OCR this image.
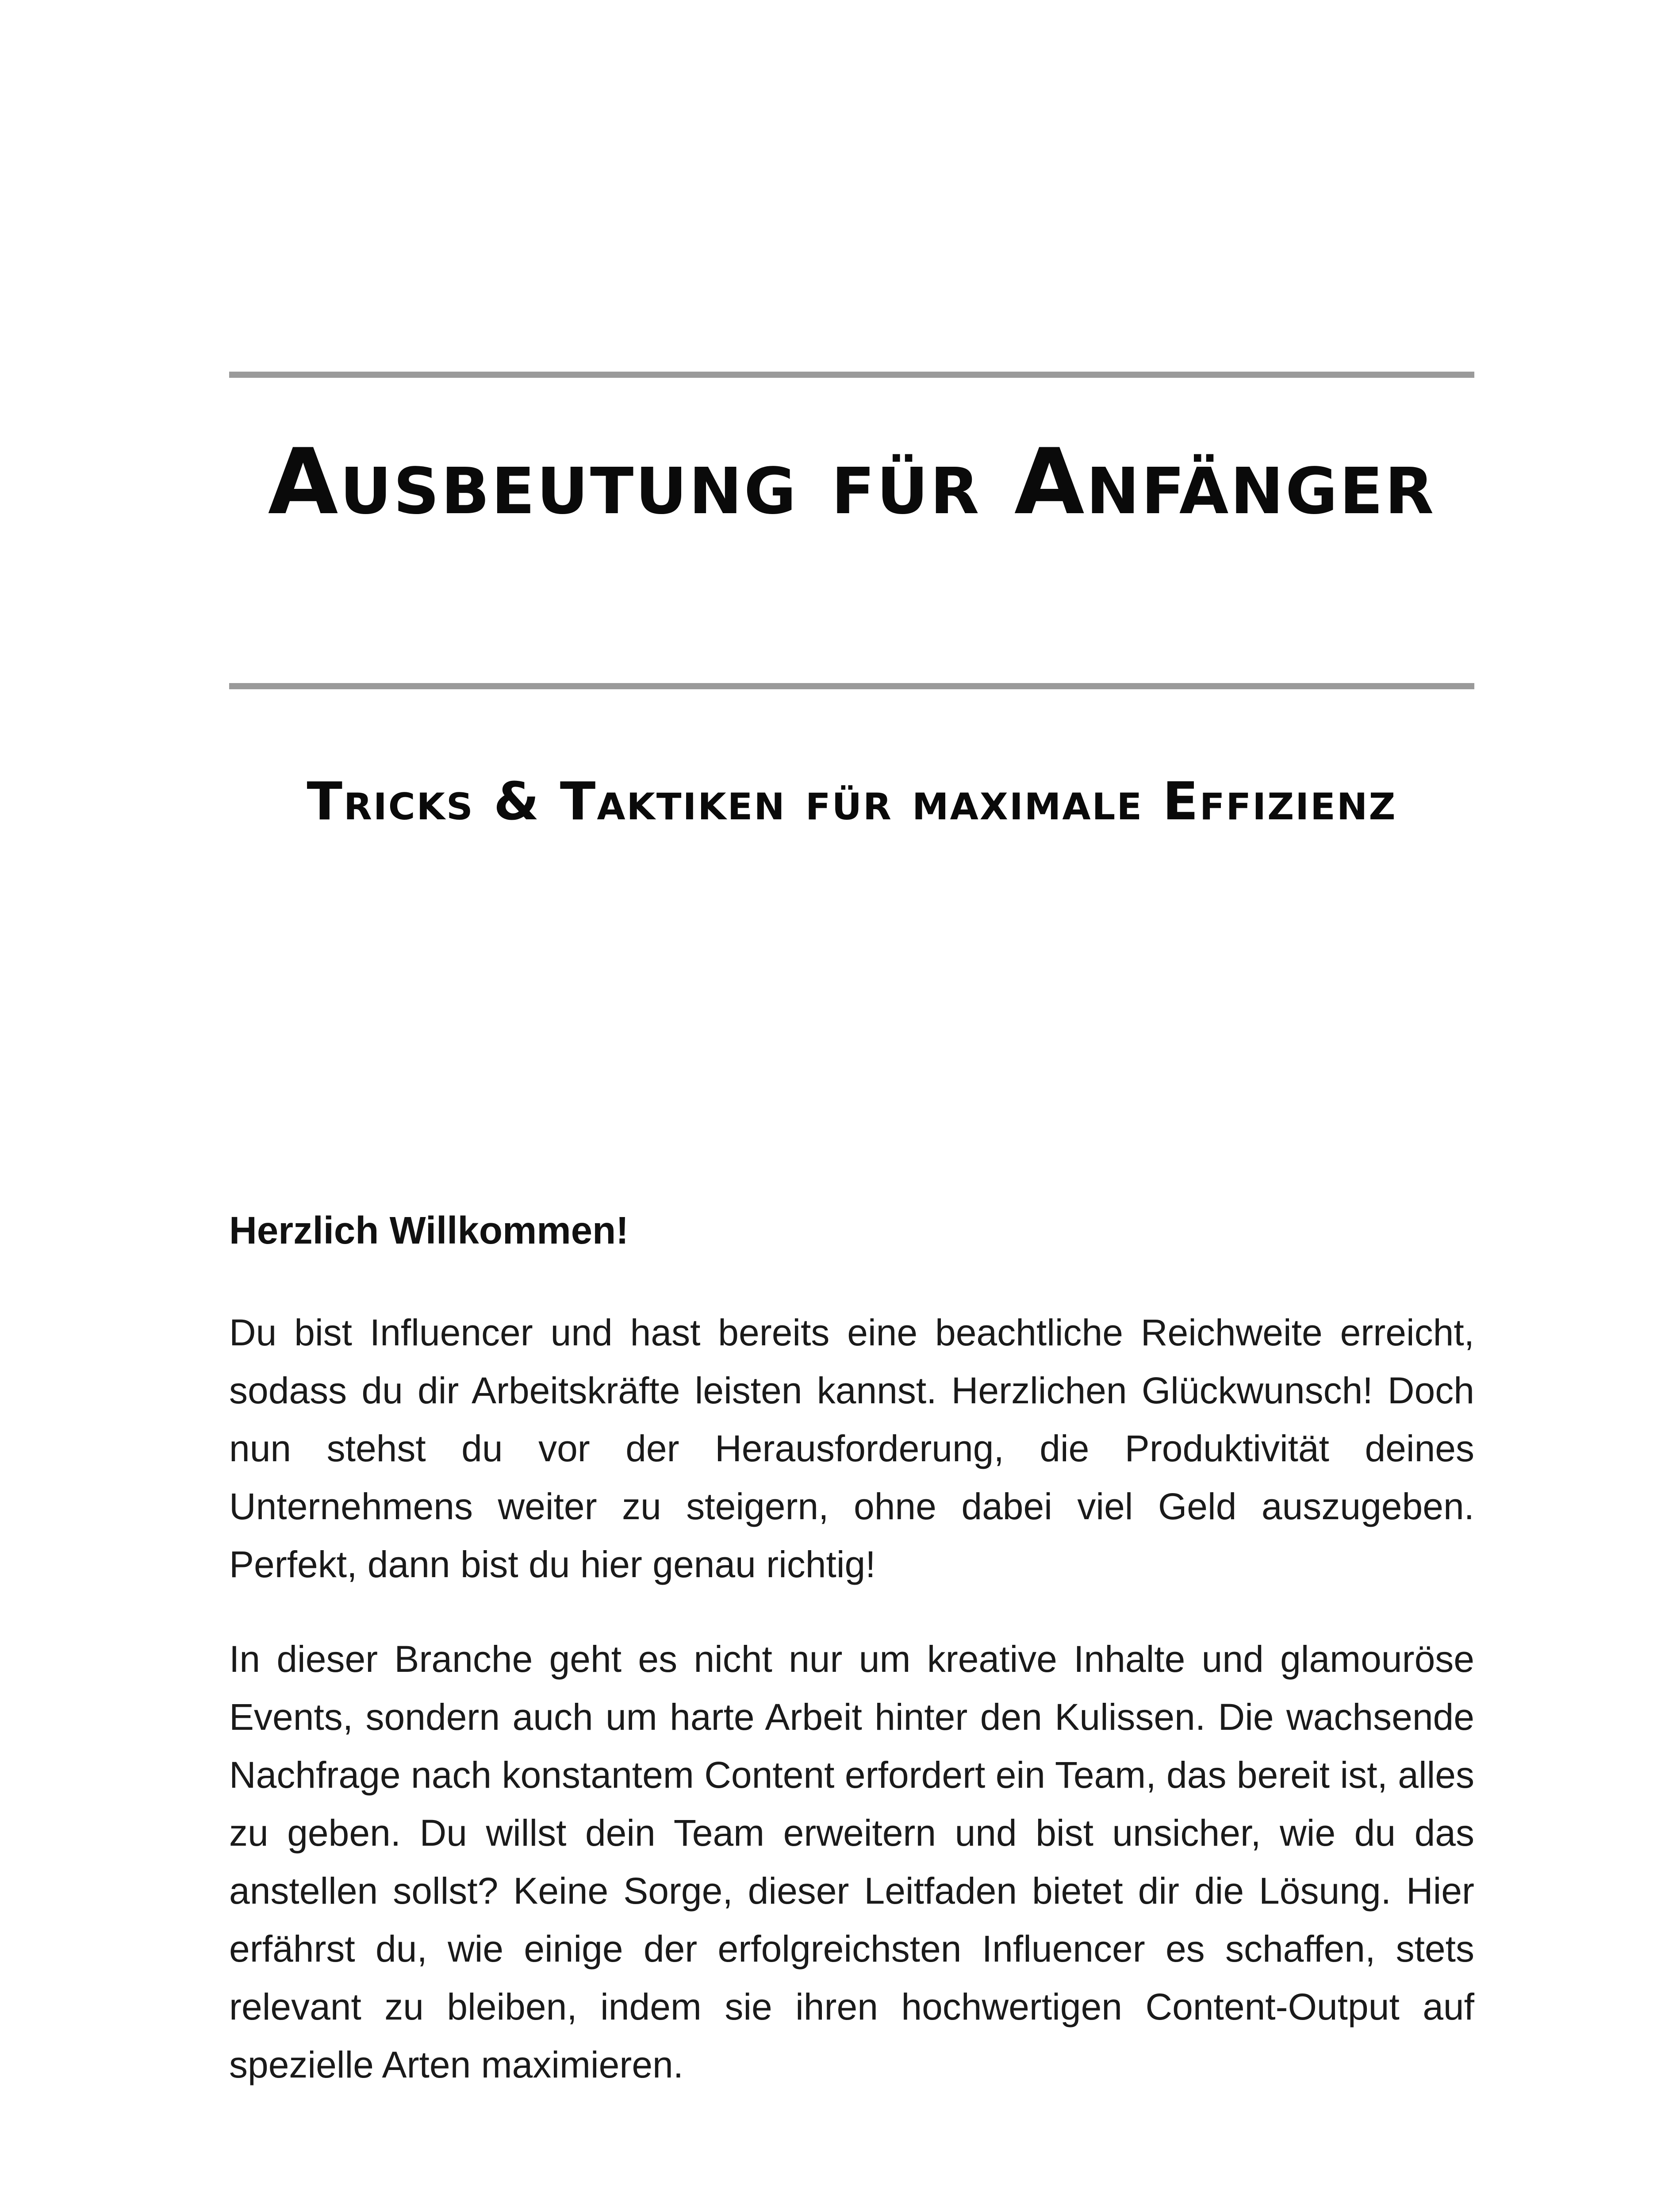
Ausbeutung für Anfänger
Tricks & Taktiken für maximale Effizienz
Herzlich Willkommen!

Du bist Influencer und hast bereits eine beachtliche Reichweite erreicht, sodass du dir Arbeitskräfte leisten kannst. Herzlichen Glückwunsch! Doch nun stehst du vor der Herausforderung, die Produktivität deines Unternehmens weiter zu steigern, ohne dabei viel Geld auszugeben. Perfekt, dann bist du hier genau richtig!

In dieser Branche geht es nicht nur um kreative Inhalte und glamouröse Events, sondern auch um harte Arbeit hinter den Kulissen. Die wachsende Nachfrage nach konstantem Content erfordert ein Team, das bereit ist, alles zu geben. Du willst dein Team erweitern und bist unsicher, wie du das anstellen sollst? Keine Sorge, dieser Leitfaden bietet dir die Lösung. Hier erfährst du, wie einige der erfolgreichsten Influencer es schaffen, stets relevant zu bleiben, indem sie ihren hochwertigen Content-Output auf spezielle Arten maximieren.
